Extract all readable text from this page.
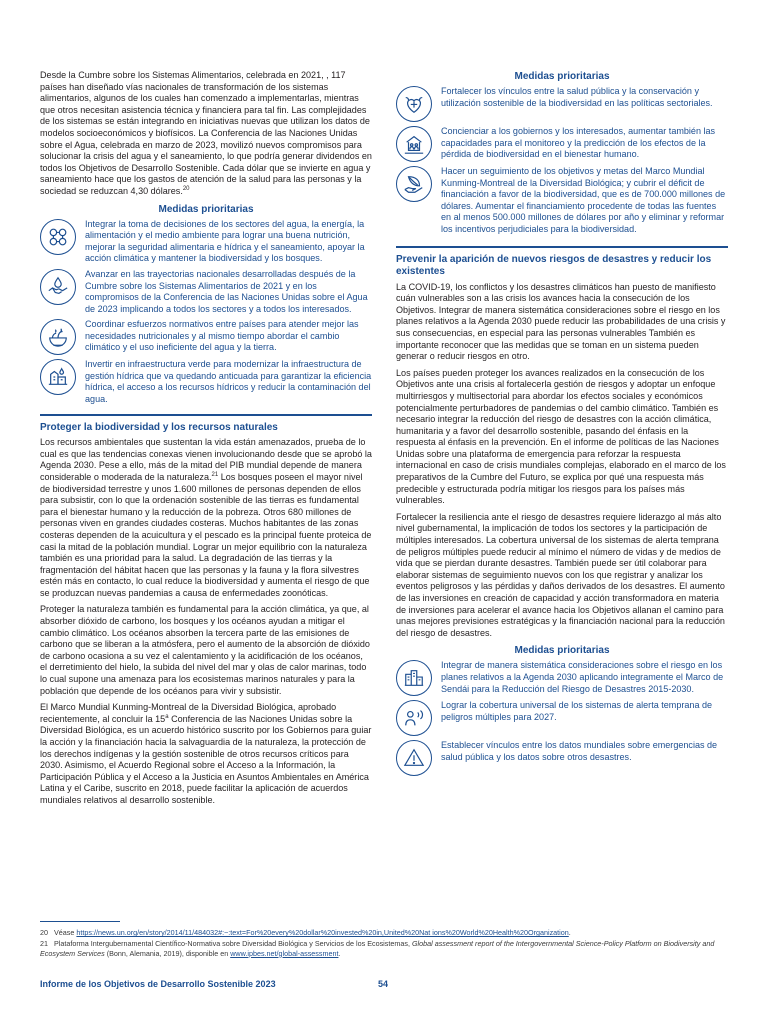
Desde la Cumbre sobre los Sistemas Alimentarios, celebrada en 2021, , 117 países han diseñado vías nacionales de transformación de los sistemas alimentarios, algunos de los cuales han comenzado a implementarlas, mientras que otros necesitan asistencia técnica y financiera para tal fin. Las complejidades de los sistemas se están integrando en iniciativas nuevas que utilizan los datos de modelos socioeconómicos y biofísicos. La Conferencia de las Naciones Unidas sobre el Agua, celebrada en marzo de 2023, movilizó nuevos compromisos para solucionar la crisis del agua y el saneamiento, lo que podría generar dividendos en todos los Objetivos de Desarrollo Sostenible. Cada dólar que se invierte en agua y saneamiento hace que los gastos de atención de la salud para las personas y la sociedad se reduzcan 4,30 dólares.$^{20}$

Medidas prioritarias
Integrar la toma de decisiones de los sectores del agua, la energía, la alimentación y el medio ambiente para lograr una buena nutrición, mejorar la seguridad alimentaria e hídrica y el saneamiento, apoyar la acción climática y mantener la biodiversidad y los bosques.
Avanzar en las trayectorias nacionales desarrolladas después de la Cumbre sobre los Sistemas Alimentarios de 2021 y en los compromisos de la Conferencia de las Naciones Unidas sobre el Agua de 2023 implicando a todos los sectores y a todos los interesados.
Coordinar esfuerzos normativos entre países para atender mejor las necesidades nutricionales y al mismo tiempo abordar el cambio climático y el uso ineficiente del agua y la tierra.
Invertir en infraestructura verde para modernizar la infraestructura de gestión hídrica que va quedando anticuada para garantizar la eficiencia hídrica, el acceso a los recursos hídricos y reducir la contaminación del agua.
Proteger la biodiversidad y los recursos naturales

Los recursos ambientales que sustentan la vida están amenazados, prueba de lo cual es que las tendencias conexas vienen involucionando desde que se aprobó la Agenda 2030. Pese a ello, más de la mitad del PIB mundial depende de manera considerable o moderada de la naturaleza.$^{21}$ Los bosques poseen el mayor nivel de biodiversidad terrestre y unos 1.600 millones de personas dependen de ellos para subsistir, con lo que la ordenación sostenible de las tierras es fundamental para el bienestar humano y la reducción de la pobreza. Otros 680 millones de personas viven en grandes ciudades costeras. Muchos habitantes de las zonas costeras dependen de la acuicultura y el pescado es la principal fuente proteica de casi la mitad de la población mundial. Lograr un mejor equilibrio con la naturaleza también es una prioridad para la salud. La degradación de las tierras y la fragmentación del hábitat hacen que las personas y la fauna y la flora silvestres estén más en contacto, lo cual reduce la biodiversidad y aumenta el riesgo de que se produzcan nuevas pandemias a causa de enfermedades zoonóticas.

Proteger la naturaleza también es fundamental para la acción climática, ya que, al absorber dióxido de carbono, los bosques y los océanos ayudan a mitigar el cambio climático. Los océanos absorben la tercera parte de las emisiones de carbono que se liberan a la atmósfera, pero el aumento de la absorción de dióxido de carbono ocasiona a su vez el calentamiento y la acidificación de los océanos, el derretimiento del hielo, la subida del nivel del mar y olas de calor marinas, todo lo cual supone una amenaza para los ecosistemas marinos naturales y para la población que depende de los océanos para vivir y subsistir.

El Marco Mundial Kunming-Montreal de la Diversidad Biológica, aprobado recientemente, al concluir la 15$^a$ Conferencia de las Naciones Unidas sobre la Diversidad Biológica, es un acuerdo histórico suscrito por los Gobiernos para guiar la acción y la financiación hacia la salvaguardia de la naturaleza, la protección de los derechos indígenas y la gestión sostenible de otros recursos críticos para 2030. Asimismo, el Acuerdo Regional sobre el Acceso a la Información, la Participación Pública y el Acceso a la Justicia en Asuntos Ambientales en América Latina y el Caribe, suscrito en 2018, puede facilitar la aplicación de acuerdos mundiales relativos al desarrollo sostenible.

Medidas prioritarias
Fortalecer los vínculos entre la salud pública y la conservación y utilización sostenible de la biodiversidad en las políticas sectoriales.
Concienciar a los gobiernos y los interesados, aumentar también las capacidades para el monitoreo y la predicción de los efectos de la pérdida de biodiversidad en el bienestar humano.
Hacer un seguimiento de los objetivos y metas del Marco Mundial Kunming-Montreal de la Diversidad Biológica; y cubrir el déficit de financiación a favor de la biodiversidad, que es de 700.000 millones de dólares. Aumentar el financiamiento procedente de todas las fuentes en al menos 500.000 millones de dólares por año y eliminar y reformar los incentivos perjudiciales para la biodiversidad.
Prevenir la aparición de nuevos riesgos de desastres y reducir los existentes

La COVID-19, los conflictos y los desastres climáticos han puesto de manifiesto cuán vulnerables son a las crisis los avances hacia la consecución de los Objetivos. Integrar de manera sistemática consideraciones sobre el riesgo en los planes relativos a la Agenda 2030 puede reducir las probabilidades de una crisis y sus consecuencias, en especial para las personas vulnerables También es importante reconocer que las medidas que se toman en un sistema pueden generar o reducir riesgos en otro.

Los países pueden proteger los avances realizados en la consecución de los Objetivos ante una crisis al fortalecerla gestión de riesgos y adoptar un enfoque multirriesgos y multisectorial para abordar los efectos sociales y económicos potencialmente perturbadores de pandemias o del cambio climático. También es necesario integrar la reducción del riesgo de desastres con la acción climática, humanitaria y a favor del desarrollo sostenible, pasando del énfasis en la respuesta al énfasis en la prevención. En el informe de políticas de las Naciones Unidas sobre una plataforma de emergencia para reforzar la respuesta internacional en caso de crisis mundiales complejas, elaborado en el marco de los preparativos de la Cumbre del Futuro, se explica por qué una respuesta más predecible y estructurada podría mitigar los riesgos para los países más vulnerables.

Fortalecer la resiliencia ante el riesgo de desastres requiere liderazgo al más alto nivel gubernamental, la implicación de todos los sectores y la participación de múltiples interesados. La cobertura universal de los sistemas de alerta temprana de peligros múltiples puede reducir al mínimo el número de vidas y de medios de vida que se pierdan durante desastres. También puede ser útil colaborar para elaborar sistemas de seguimiento nuevos con los que registrar y analizar los eventos peligrosos y las pérdidas y daños derivados de los desastres. El aumento de las inversiones en creación de capacidad y acción transformadora en materia de inversiones para acelerar el avance hacia los Objetivos allanan el camino para unas mejores previsiones estratégicas y la financiación nacional para la reducción del riesgo de desastres.

Medidas prioritarias
Integrar de manera sistemática consideraciones sobre el riesgo en los planes relativos a la Agenda 2030 aplicando integramente el Marco de Sendái para la Reducción del Riesgo de Desastres 2015-2030.
Lograr la cobertura universal de los sistemas de alerta temprana de peligros múltiples para 2027.
Establecer vínculos entre los datos mundiales sobre emergencias de salud pública y los datos sobre otros desastres.
20 Véase https://news.un.org/en/story/2014/11/484032#:~:text=For%20every%20dollar%20invested%20in,United%20Nat ions%20World%20Health%20Organization.
21 Plataforma Intergubernamental Científico-Normativa sobre Diversidad Biológica y Servicios de los Ecosistemas, Global assessment report of the Intergovernmental Science-Policy Platform on Biodiversity and Ecosystem Services (Bonn, Alemania, 2019), disponible en www.ipbes.net/global-assessment.
Informe de los Objetivos de Desarrollo Sostenible 2023	54
